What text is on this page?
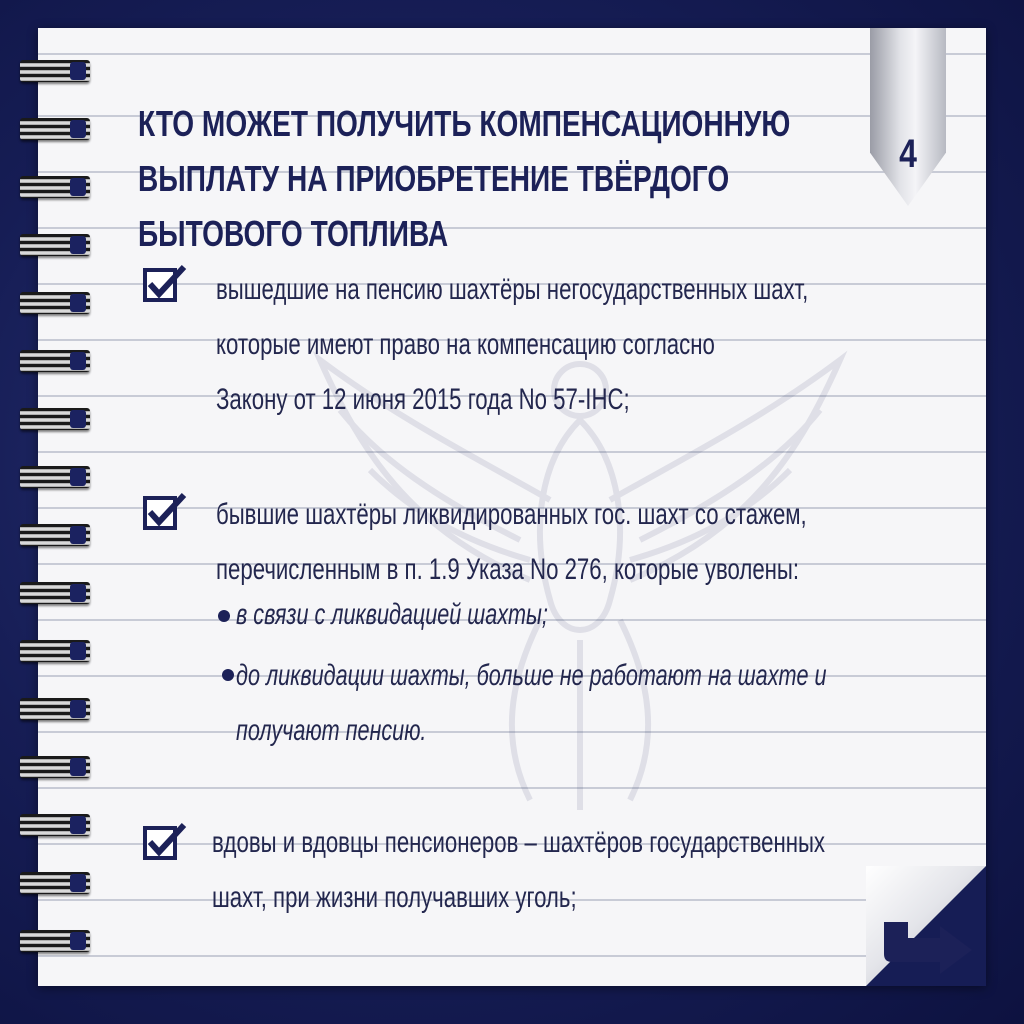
4
КТО МОЖЕТ ПОЛУЧИТЬ КОМПЕНСАЦИОННУЮ
ВЫПЛАТУ НА ПРИОБРЕТЕНИЕ ТВЁРДОГО
БЫТОВОГО ТОПЛИВА
вышедшие на пенсию шахтёры негосударственных шахт,
которые имеют право на компенсацию согласно
Закону от 12 июня 2015 года No 57-IНС;
бывшие шахтёры ликвидированных гос. шахт со стажем,
перечисленным в п. 1.9 Указа No 276, которые уволены:
в связи с ликвидацией шахты;
до ликвидации шахты, больше не работают на шахте и
получают пенсию.
вдовы и вдовцы пенсионеров – шахтёров государственных
шахт, при жизни получавших уголь;
